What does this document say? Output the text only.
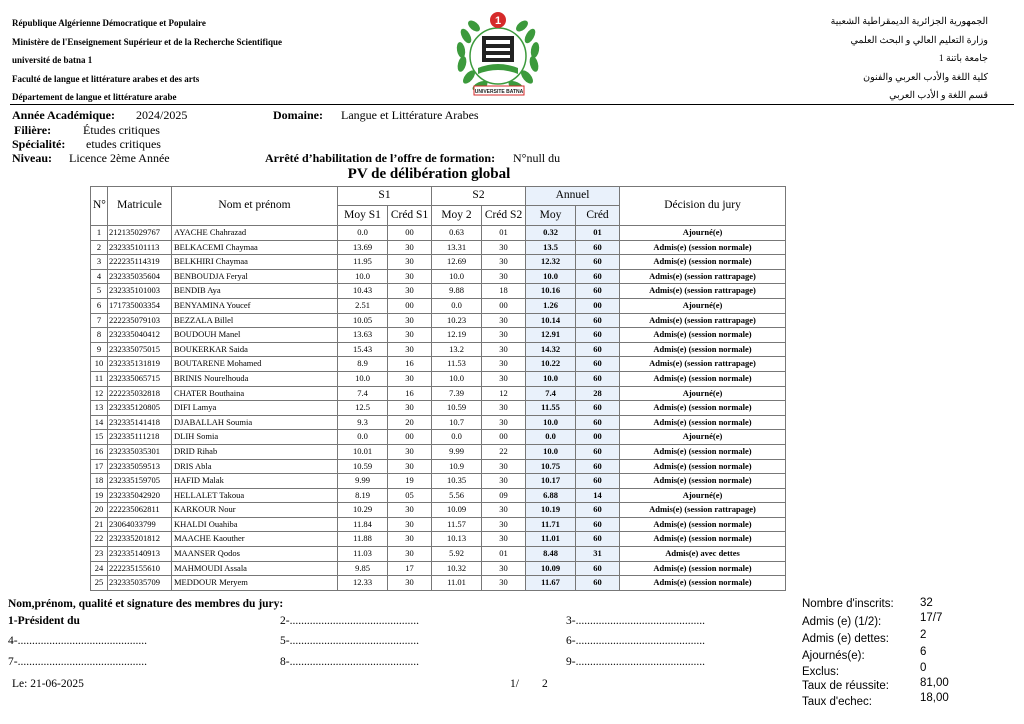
République Algérienne Démocratique et Populaire
Ministère de l'Enseignement Supérieur et de la Recherche Scientifique
université de batna 1
Faculté de langue et littérature arabes et des arts
Département de langue et littérature arabe
الجمهورية الجزائرية الديمقراطية الشعبية
وزارة التعليم العالي و البحث العلمي
جامعة باتنة 1
كلية اللغة والأدب العربي والفنون
قسم اللغة و الأدب العربي
1
UNIVERSITE BATNA
Année Académique: 2024/2025	Domaine: Langue et Littérature Arabes
Filière:	Études critiques
Spécialité: etudes critiques
Niveau: Licence 2ème Année	Arrêté d’habilitation de l’offre de formation: N°null du
PV de délibération global
N°	Matricule	Nom et prénom	S1		S2		Annuel		Décision du jury
			Moy S1	Créd S1	Moy 2	Créd S2	Moy	Créd	
1	212135029767	AYACHE Chahrazad	0.0	00	0.63	01	0.32	01	Ajourné(e)
2	232335101113	BELKACEMI Chaymaa	13.69	30	13.31	30	13.5	60	Admis(e) (session normale)
3	222235114319	BELKHIRI Chaymaa	11.95	30	12.69	30	12.32	60	Admis(e) (session normale)
4	232335035604	BENBOUDJA Feryal	10.0	30	10.0	30	10.0	60	Admis(e) (session rattrapage)
5	232335101003	BENDIB Aya	10.43	30	9.88	18	10.16	60	Admis(e) (session rattrapage)
6	171735003354	BENYAMINA Youcef	2.51	00	0.0	00	1.26	00	Ajourné(e)
7	222235079103	BEZZALA Billel	10.05	30	10.23	30	10.14	60	Admis(e) (session rattrapage)
8	232335040412	BOUDOUH Manel	13.63	30	12.19	30	12.91	60	Admis(e) (session normale)
9	232335075015	BOUKERKAR Saida	15.43	30	13.2	30	14.32	60	Admis(e) (session normale)
10	232335131819	BOUTARENE Mohamed	8.9	16	11.53	30	10.22	60	Admis(e) (session rattrapage)
11	232335065715	BRINIS Nourelhouda	10.0	30	10.0	30	10.0	60	Admis(e) (session normale)
12	222235032818	CHATER Bouthaina	7.4	16	7.39	12	7.4	28	Ajourné(e)
13	232335120805	DIFI Lamya	12.5	30	10.59	30	11.55	60	Admis(e) (session normale)
14	232335141418	DJABALLAH Soumia	9.3	20	10.7	30	10.0	60	Admis(e) (session normale)
15	232335111218	DLIH Somia	0.0	00	0.0	00	0.0	00	Ajourné(e)
16	232335035301	DRID Rihab	10.01	30	9.99	22	10.0	60	Admis(e) (session normale)
17	232335059513	DRIS Abla	10.59	30	10.9	30	10.75	60	Admis(e) (session normale)
18	232335159705	HAFID Malak	9.99	19	10.35	30	10.17	60	Admis(e) (session normale)
19	232335042920	HELLALET Takoua	8.19	05	5.56	09	6.88	14	Ajourné(e)
20	222235062811	KARKOUR Nour	10.29	30	10.09	30	10.19	60	Admis(e) (session rattrapage)
21	23064033799	KHALDI Ouahiba	11.84	30	11.57	30	11.71	60	Admis(e) (session normale)
22	232335201812	MAACHE Kaouther	11.88	30	10.13	30	11.01	60	Admis(e) (session normale)
23	232335140913	MAANSER Qodos	11.03	30	5.92	01	8.48	31	Admis(e) avec dettes
24	222235155610	MAHMOUDI Assala	9.85	17	10.32	30	10.09	60	Admis(e) (session normale)
25	232335035709	MEDDOUR Meryem	12.33	30	11.01	30	11.67	60	Admis(e) (session normale)
Nom,prénom, qualité et signature des membres du jury:
1-Président du	2-.............................................	3-.............................................
4-.............................................	5-.............................................	6-.............................................
7-.............................................	8-.............................................	9-.............................................
Le: 21-06-2025	1/ 2
Nombre d'inscrits: 32
Admis (e) (1/2):	17/7
Admis (e) dettes:	2
Ajournés(e):	6
Exclus:	0
Taux de réussite:	81,00
Taux d'echec:	18,00
